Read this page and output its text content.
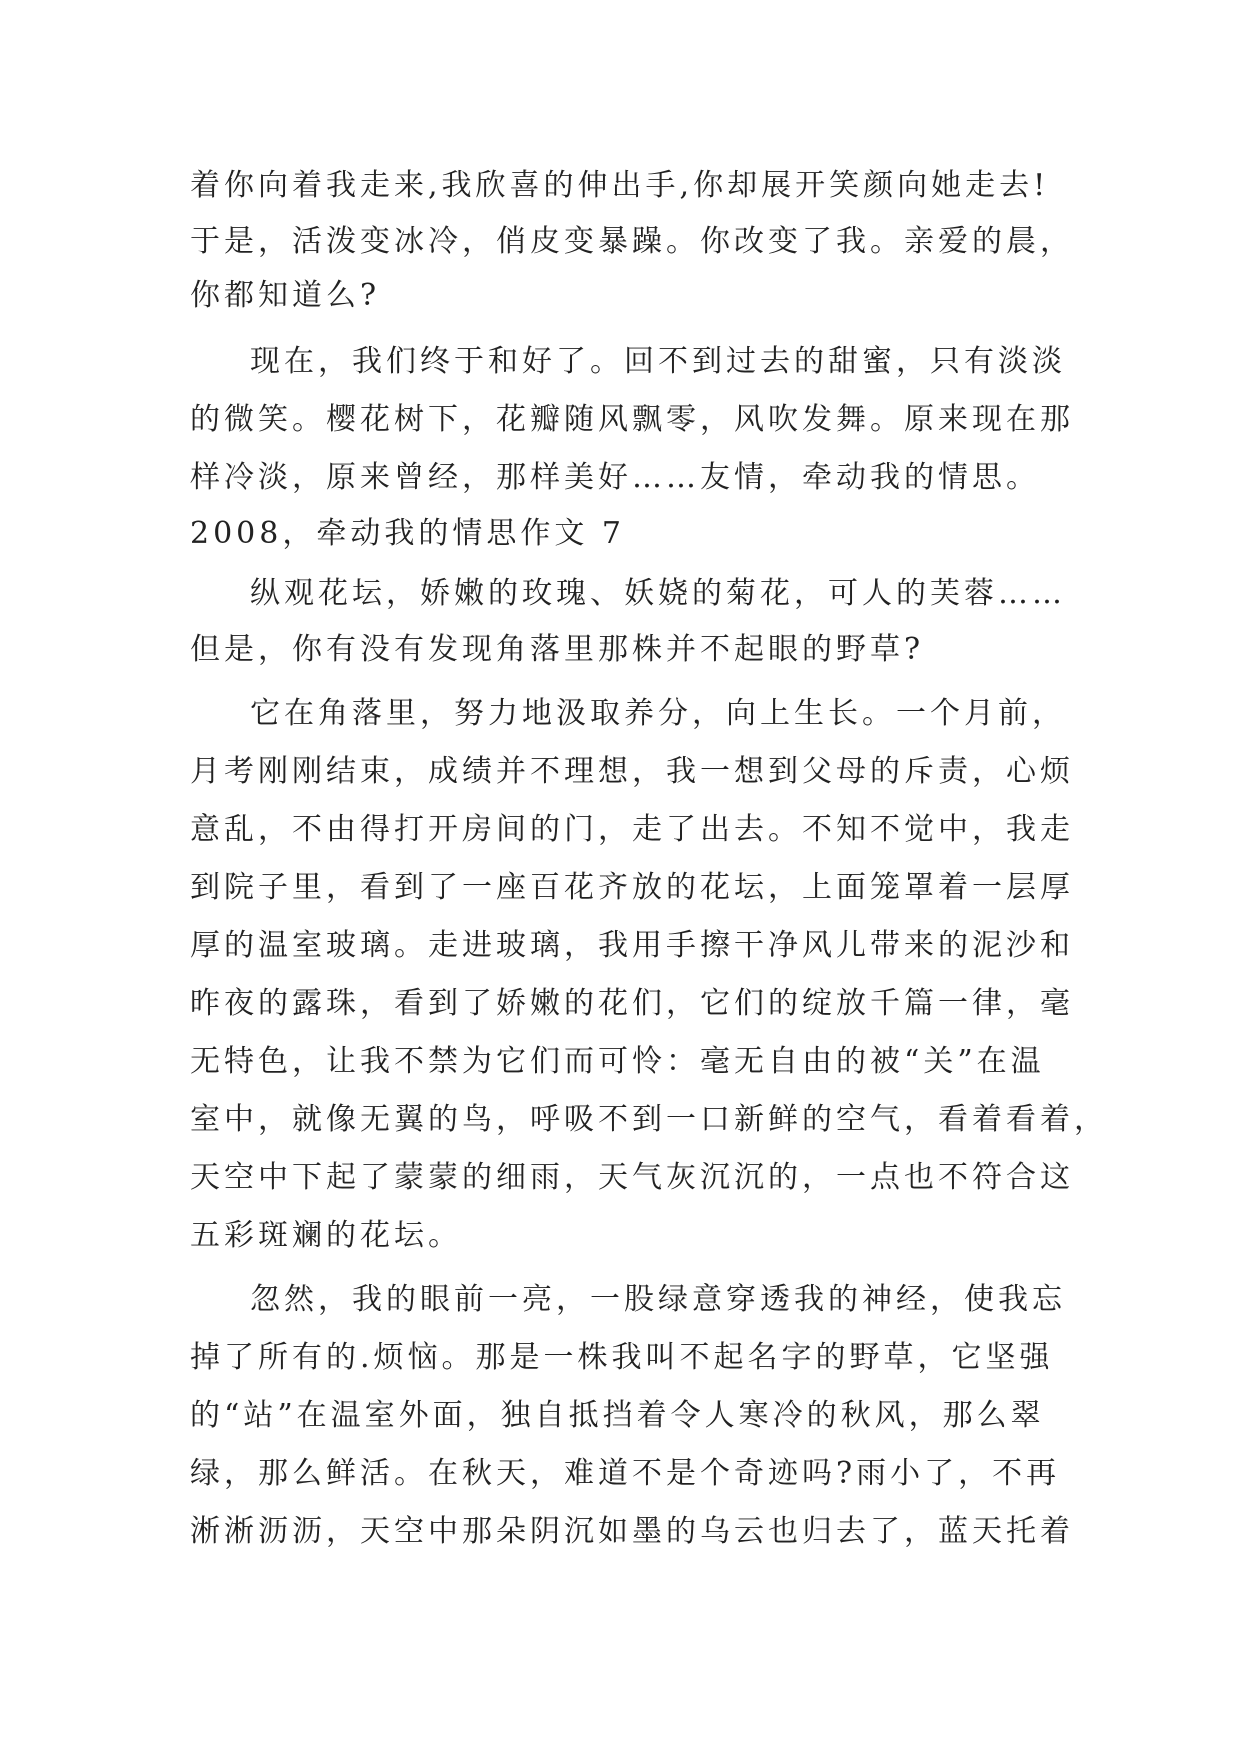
着你向着我走来,我欣喜的伸出手,你却展开笑颜向她走去!
于是，活泼变冰冷，俏皮变暴躁。你改变了我。亲爱的晨，
你都知道么?
现在，我们终于和好了。回不到过去的甜蜜，只有淡淡
的微笑。樱花树下，花瓣随风飘零，风吹发舞。原来现在那
样冷淡，原来曾经，那样美好……友情，牵动我的情思。
2008，牵动我的情思作文 7
纵观花坛，娇嫩的玫瑰、妖娆的菊花，可人的芙蓉……
但是，你有没有发现角落里那株并不起眼的野草?
它在角落里，努力地汲取养分，向上生长。一个月前，
月考刚刚结束，成绩并不理想，我一想到父母的斥责，心烦
意乱，不由得打开房间的门，走了出去。不知不觉中，我走
到院子里，看到了一座百花齐放的花坛，上面笼罩着一层厚
厚的温室玻璃。走进玻璃，我用手擦干净风儿带来的泥沙和
昨夜的露珠，看到了娇嫩的花们，它们的绽放千篇一律，毫
无特色，让我不禁为它们而可怜：毫无自由的被“关”在温
室中，就像无翼的鸟，呼吸不到一口新鲜的空气，看着看着，
天空中下起了蒙蒙的细雨，天气灰沉沉的，一点也不符合这
五彩斑斓的花坛。
忽然，我的眼前一亮，一股绿意穿透我的神经，使我忘
掉了所有的.烦恼。那是一株我叫不起名字的野草，它坚强
的“站”在温室外面，独自抵挡着令人寒冷的秋风，那么翠
绿，那么鲜活。在秋天，难道不是个奇迹吗?雨小了，不再
淅淅沥沥，天空中那朵阴沉如墨的乌云也归去了，蓝天托着
